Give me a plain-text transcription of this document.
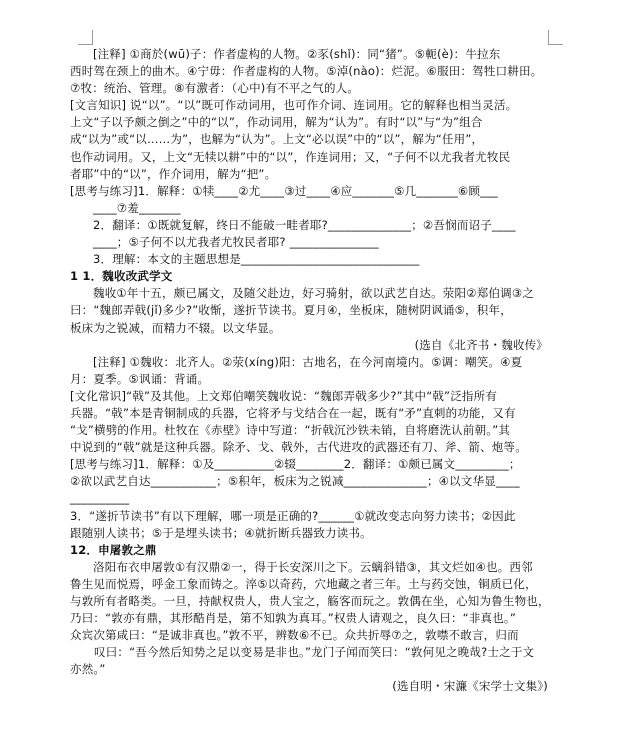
[注释] ①商於(wū)子：作者虚构的人物。②豕(shǐ)：同“猪”。⑤軛(è)：牛拉东
西时驾在颈上的曲木。④宁毋：作者虚构的人物。⑤淖(nào)：烂泥。⑥服田：驾牲口耕田。
⑦牧：统治、管理。⑧有激者：（心中)有不平之气的人。
[文言知识] 说“以”。“以”既可作动词用，也可作介词、连词用。它的解释也相当灵活。
上文“子以予颇之倒之”中的“以”，作动词用，解为“认为”。有时“以”与“为”组合
成“以为”或“以……为”，也解为“认为”。上文“必以误”中的“以”，解为“任用”，
也作动词用。又，上文“无犊以耕”中的“以”，作连词用；又，“子何不以尤我者尤牧民
者耶”中的“以”，作介词用，解为“把”。
[思考与练习]1．解释：①犊____②尤____③过____④应_______⑤几_______⑥顾___
____⑦羞_______
2．翻译：①既就复解，终日不能破一畦者耶?______________；②吾悯而诏子____
____；⑤子何不以尤我者尤牧民者耶? _______________
3．理解：本文的主题思想是______________________________
1 1．魏收改武学文
魏收①年十五，颇已属文，及随父赴边，好习骑射，欲以武艺自达。荥阳②郑伯调③之
曰：“魏郎弄戟(jǐ)多少?”收惭，遂折节读书。夏月④，坐板床，随树阴讽诵⑤，积年，
板床为之锐减，而精力不辍。以文华显。
(选自《北齐书・魏收传》
[注释] ①魏收：北齐人。②荥(xíng)阳：古地名，在今河南境内。⑤调：嘲笑。④夏
月：夏季。⑤讽诵：背诵。
[文化常识]“戟”及其他。上文郑伯嘲笑魏收说：“魏郎弄戟多少?”其中“戟”泛指所有
兵器。“戟”本是青铜制成的兵器，它将矛与戈结合在一起，既有“矛”直刺的功能，又有
“戈”横劈的作用。杜牧在《赤壁》诗中写道：“折戟沉沙铁未销，自将磨洗认前朝。”其
中说到的“戟”就是这种兵器。除矛、戈、戟外，古代进攻的武器还有刀、斧、箭、炮等。
[思考与练习]1．解释：①及__________②辍________2．翻译：①颇已属文_________；
②欲以武艺自达___________；⑤积年，板床为之锐减______________；④以文华显____
__________
3．“遂折节读书”有以下理解，哪一项是正确的?______①就改变志向努力读书；②因此
跟随别人读书；⑤于是埋头读书；④就折断兵器致力读书。
12．申屠敦之鼎
洛阳布衣申屠敦①有汉鼎②一，得于长安深川之下。云螭斜错③，其文烂如④也。西邻
鲁生见而悦焉，呼金工象而铸之。淬⑤以奇药，穴地藏之者三年。土与药交蚀，铜质已化，
与敦所有者略类。一旦，持献权贵人，贵人宝之，觞客而玩之。敦偶在坐，心知为鲁生物也，
乃曰：“敦亦有鼎，其形酷肖是，第不知孰为真耳。”权贵人请观之，良久曰：“非真也。”
众宾次第咸曰：“是诚非真也。”敦不平，辨数⑥不已。众共折辱⑦之，敦噤不敢言，归而
叹曰：“吾今然后知势之足以变易是非也。”龙门子闻而笑曰：“敦何见之晚哉?士之于文
亦然。”
(选自明・宋濂《宋学士文集》)
